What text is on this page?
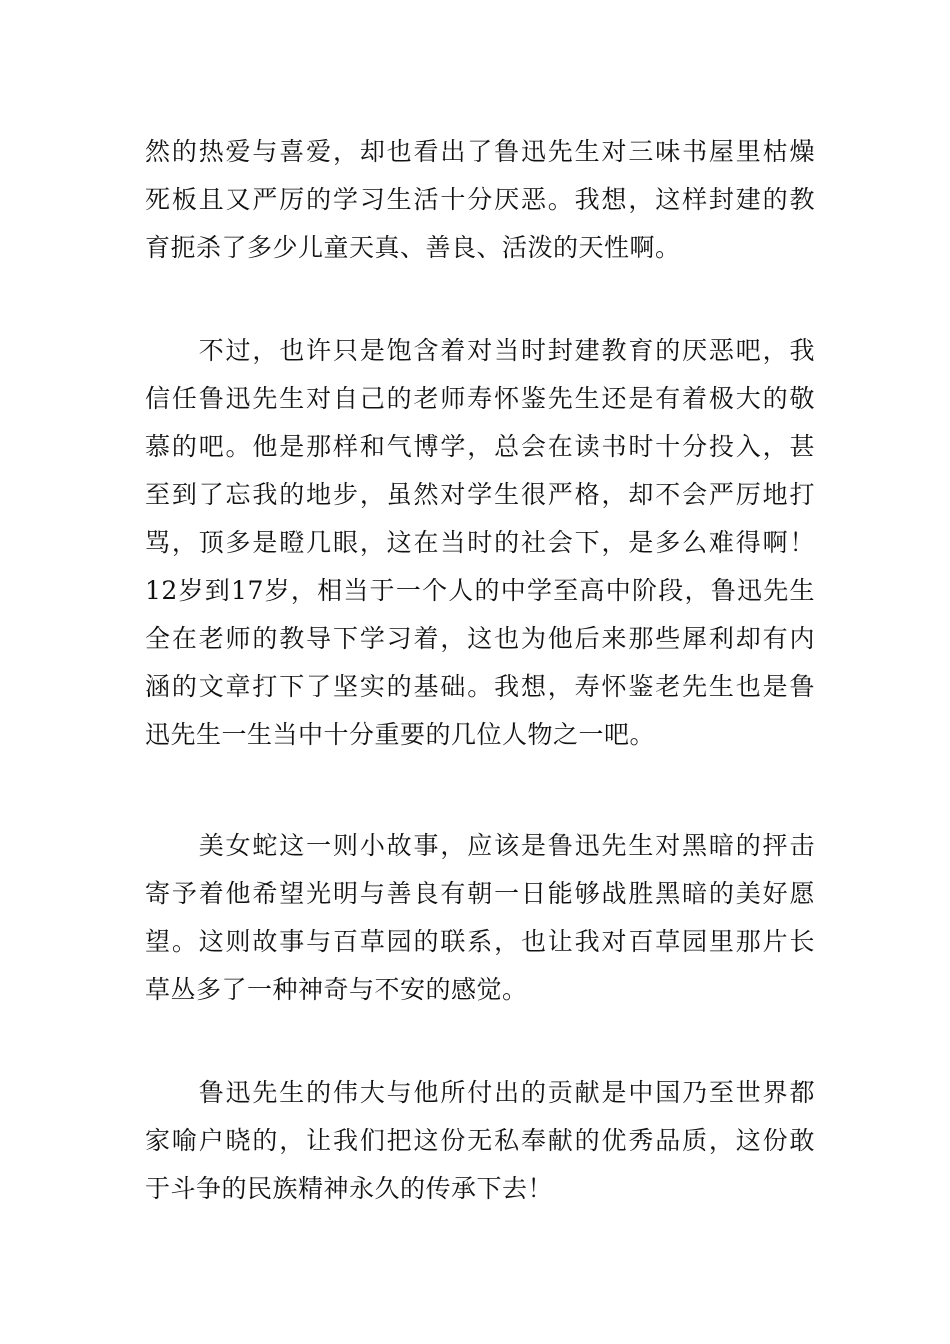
然的热爱与喜爱，却也看出了鲁迅先生对三味书屋里枯燥
死板且又严厉的学习生活十分厌恶。我想，这样封建的教
育扼杀了多少儿童天真、善良、活泼的天性啊。

　　不过，也许只是饱含着对当时封建教育的厌恶吧，我
信任鲁迅先生对自己的老师寿怀鉴先生还是有着极大的敬
慕的吧。他是那样和气博学，总会在读书时十分投入，甚
至到了忘我的地步，虽然对学生很严格，却不会严厉地打
骂，顶多是瞪几眼，这在当时的社会下，是多么难得啊！
12岁到17岁，相当于一个人的中学至高中阶段，鲁迅先生
全在老师的教导下学习着，这也为他后来那些犀利却有内
涵的文章打下了坚实的基础。我想，寿怀鉴老先生也是鲁
迅先生一生当中十分重要的几位人物之一吧。

　　美女蛇这一则小故事，应该是鲁迅先生对黑暗的抨击
寄予着他希望光明与善良有朝一日能够战胜黑暗的美好愿
望。这则故事与百草园的联系，也让我对百草园里那片长
草丛多了一种神奇与不安的感觉。

　　鲁迅先生的伟大与他所付出的贡献是中国乃至世界都
家喻户晓的，让我们把这份无私奉献的优秀品质，这份敢
于斗争的民族精神永久的传承下去！
